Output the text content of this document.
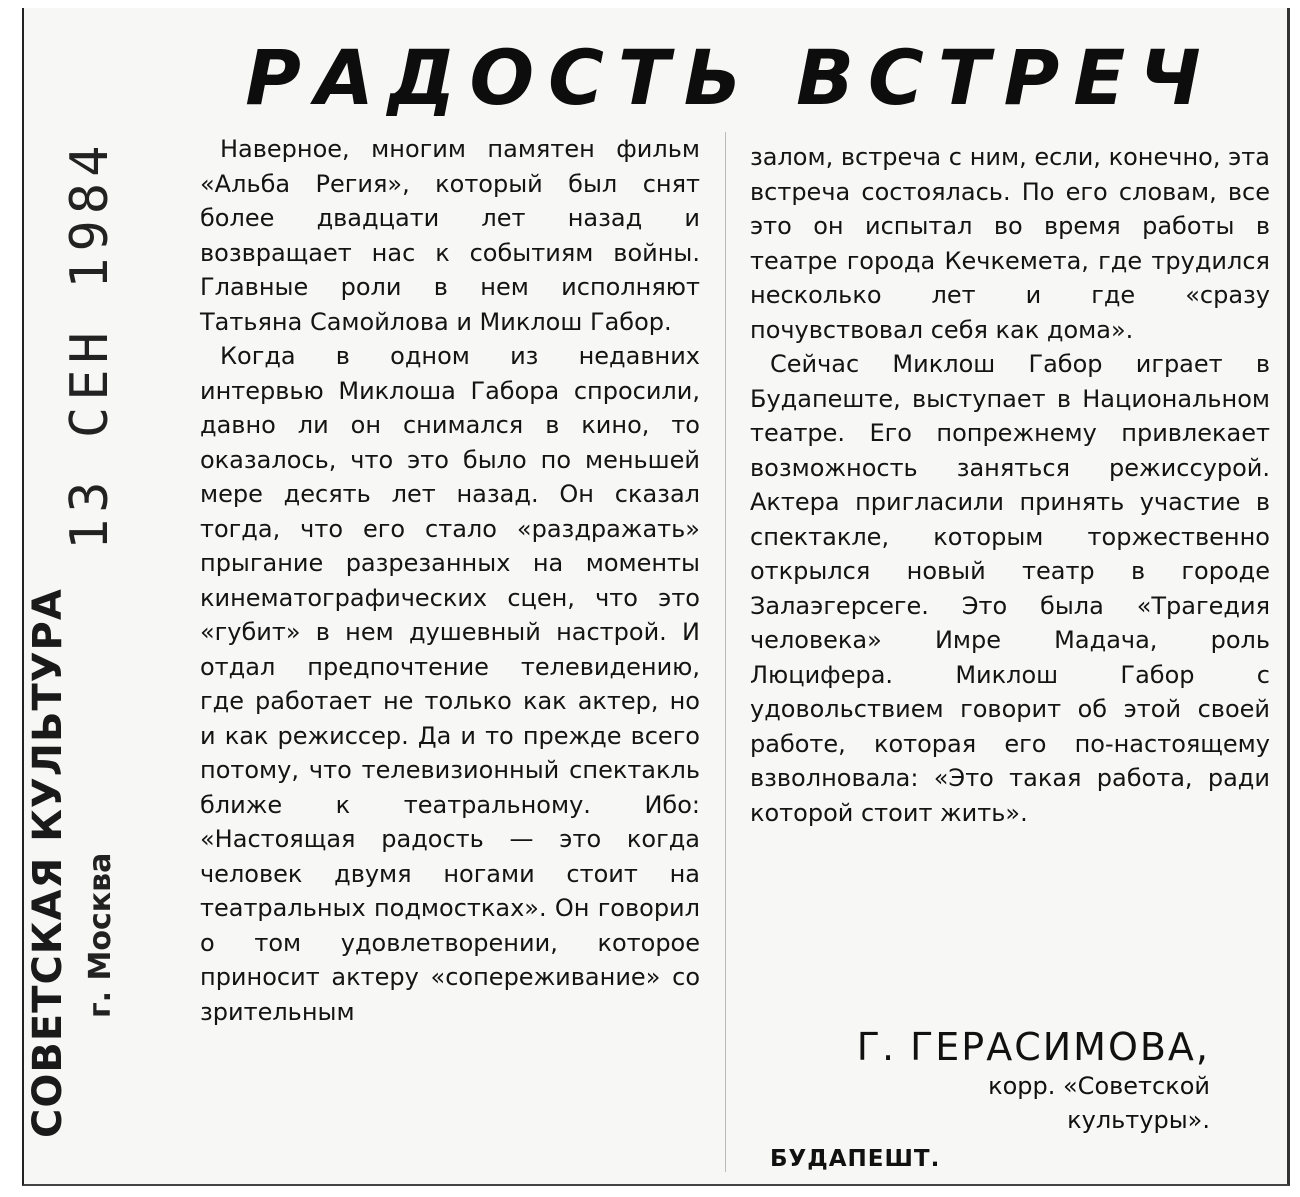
13 СЕН 1984
СОВЕТСКАЯ КУЛЬТУРА г. Москва
РАДОСТЬ ВСТРЕЧ

Наверное, многим памятен фильм «Альба Регия», который был снят более двадцати лет назад и возвращает нас к событиям войны. Главные роли в нем исполняют Татьяна Самойлова и Миклош Габор.

Когда в одном из недавних интервью Миклоша Габора спросили, давно ли он снимался в кино, то оказалось, что это было по меньшей мере десять лет назад. Он сказал тогда, что его стало «раздражать» прыгание разрезанных на моменты кинематографических сцен, что это «губит» в нем душевный настрой. И отдал предпочтение телевидению, где работает не только как актер, но и как режиссер. Да и то прежде всего потому, что телевизионный спектакль ближе к театральному. Ибо: «Настоящая радость — это когда человек двумя ногами стоит на театральных подмостках». Он говорил о том удовлетворении, которое приносит актеру «сопереживание» со зрительным

залом, встреча с ним, если, конечно, эта встреча состоялась. По его словам, все это он испытал во время работы в театре города Кечкемета, где трудился несколько лет и где «сразу почувствовал себя как дома».

Сейчас Миклош Габор играет в Будапеште, выступает в Национальном театре. Его попрежнему привлекает возможность заняться режиссурой. Актера пригласили принять участие в спектакле, которым торжественно открылся новый театр в городе Залаэгерсеге. Это была «Трагедия человека» Имре Мадача, роль Люцифера. Миклош Габор с удовольствием говорит об этой своей работе, которая его по-настоящему взволновала: «Это такая работа, ради которой стоит жить».

Г. ГЕРАСИМОВА,
корр. «Советской
культуры».
БУДАПЕШТ.
